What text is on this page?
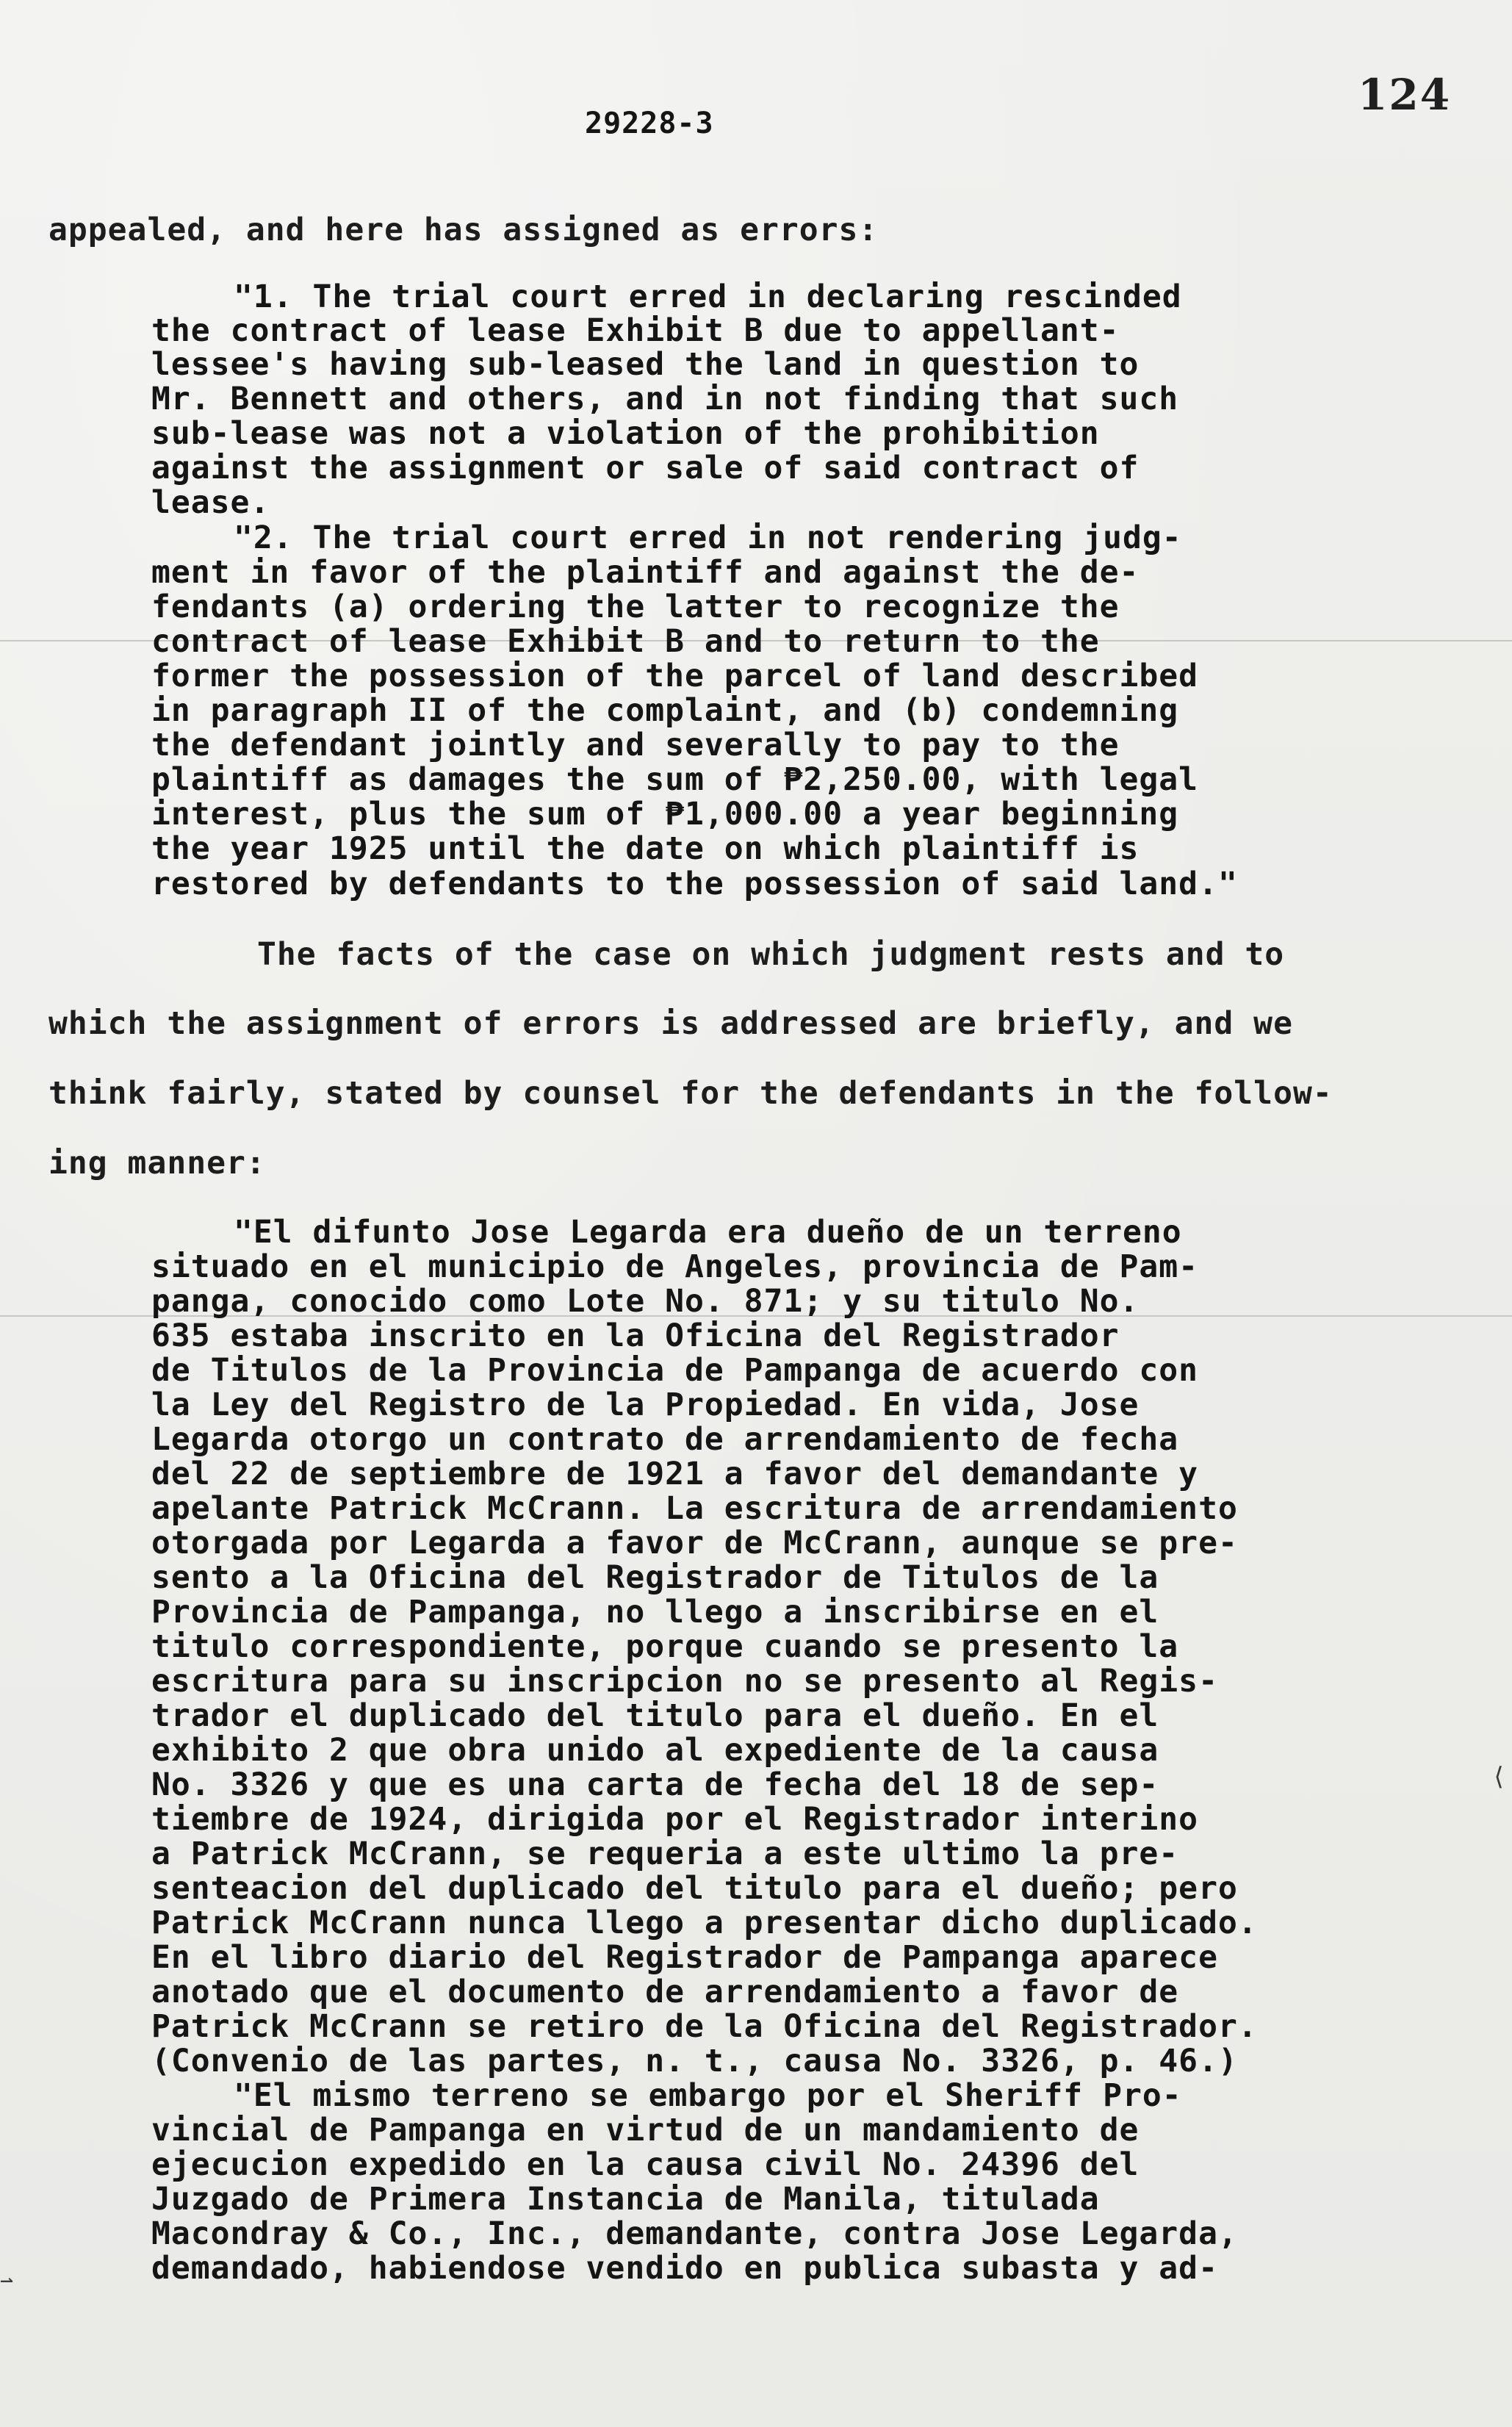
124
29228-3
appealed, and here has assigned as errors:
"1. The trial court erred in declaring rescinded
the contract of lease Exhibit B due to appellant-
lessee's having sub-leased the land in question to
Mr. Bennett and others, and in not finding that such
sub-lease was not a violation of the prohibition
against the assignment or sale of said contract of
lease.
"2. The trial court erred in not rendering judg-
ment in favor of the plaintiff and against the de-
fendants (a) ordering the latter to recognize the
contract of lease Exhibit B and to return to the
former the possession of the parcel of land described
in paragraph II of the complaint, and (b) condemning
the defendant jointly and severally to pay to the
plaintiff as damages the sum of ₱2,250.00, with legal
interest, plus the sum of ₱1,000.00 a year beginning
the year 1925 until the date on which plaintiff is
restored by defendants to the possession of said land."
The facts of the case on which judgment rests and to
which the assignment of errors is addressed are briefly, and we
think fairly, stated by counsel for the defendants in the follow-
ing manner:
"El difunto Jose Legarda era dueño de un terreno
situado en el municipio de Angeles, provincia de Pam-
panga, conocido como Lote No. 871; y su titulo No.
635 estaba inscrito en la Oficina del Registrador
de Titulos de la Provincia de Pampanga de acuerdo con
la Ley del Registro de la Propiedad. En vida, Jose
Legarda otorgo un contrato de arrendamiento de fecha
del 22 de septiembre de 1921 a favor del demandante y
apelante Patrick McCrann. La escritura de arrendamiento
otorgada por Legarda a favor de McCrann, aunque se pre-
sento a la Oficina del Registrador de Titulos de la
Provincia de Pampanga, no llego a inscribirse en el
titulo correspondiente, porque cuando se presento la
escritura para su inscripcion no se presento al Regis-
trador el duplicado del titulo para el dueño. En el
exhibito 2 que obra unido al expediente de la causa
No. 3326 y que es una carta de fecha del 18 de sep-
tiembre de 1924, dirigida por el Registrador interino
a Patrick McCrann, se requeria a este ultimo la pre-
senteacion del duplicado del titulo para el dueño; pero
Patrick McCrann nunca llego a presentar dicho duplicado.
En el libro diario del Registrador de Pampanga aparece
anotado que el documento de arrendamiento a favor de
Patrick McCrann se retiro de la Oficina del Registrador.
(Convenio de las partes, n. t., causa No. 3326, p. 46.)
"El mismo terreno se embargo por el Sheriff Pro-
vincial de Pampanga en virtud de un mandamiento de
ejecucion expedido en la causa civil No. 24396 del
Juzgado de Primera Instancia de Manila, titulada
Macondray & Co., Inc., demandante, contra Jose Legarda,
demandado, habiendose vendido en publica subasta y ad-
⇀
⟨
